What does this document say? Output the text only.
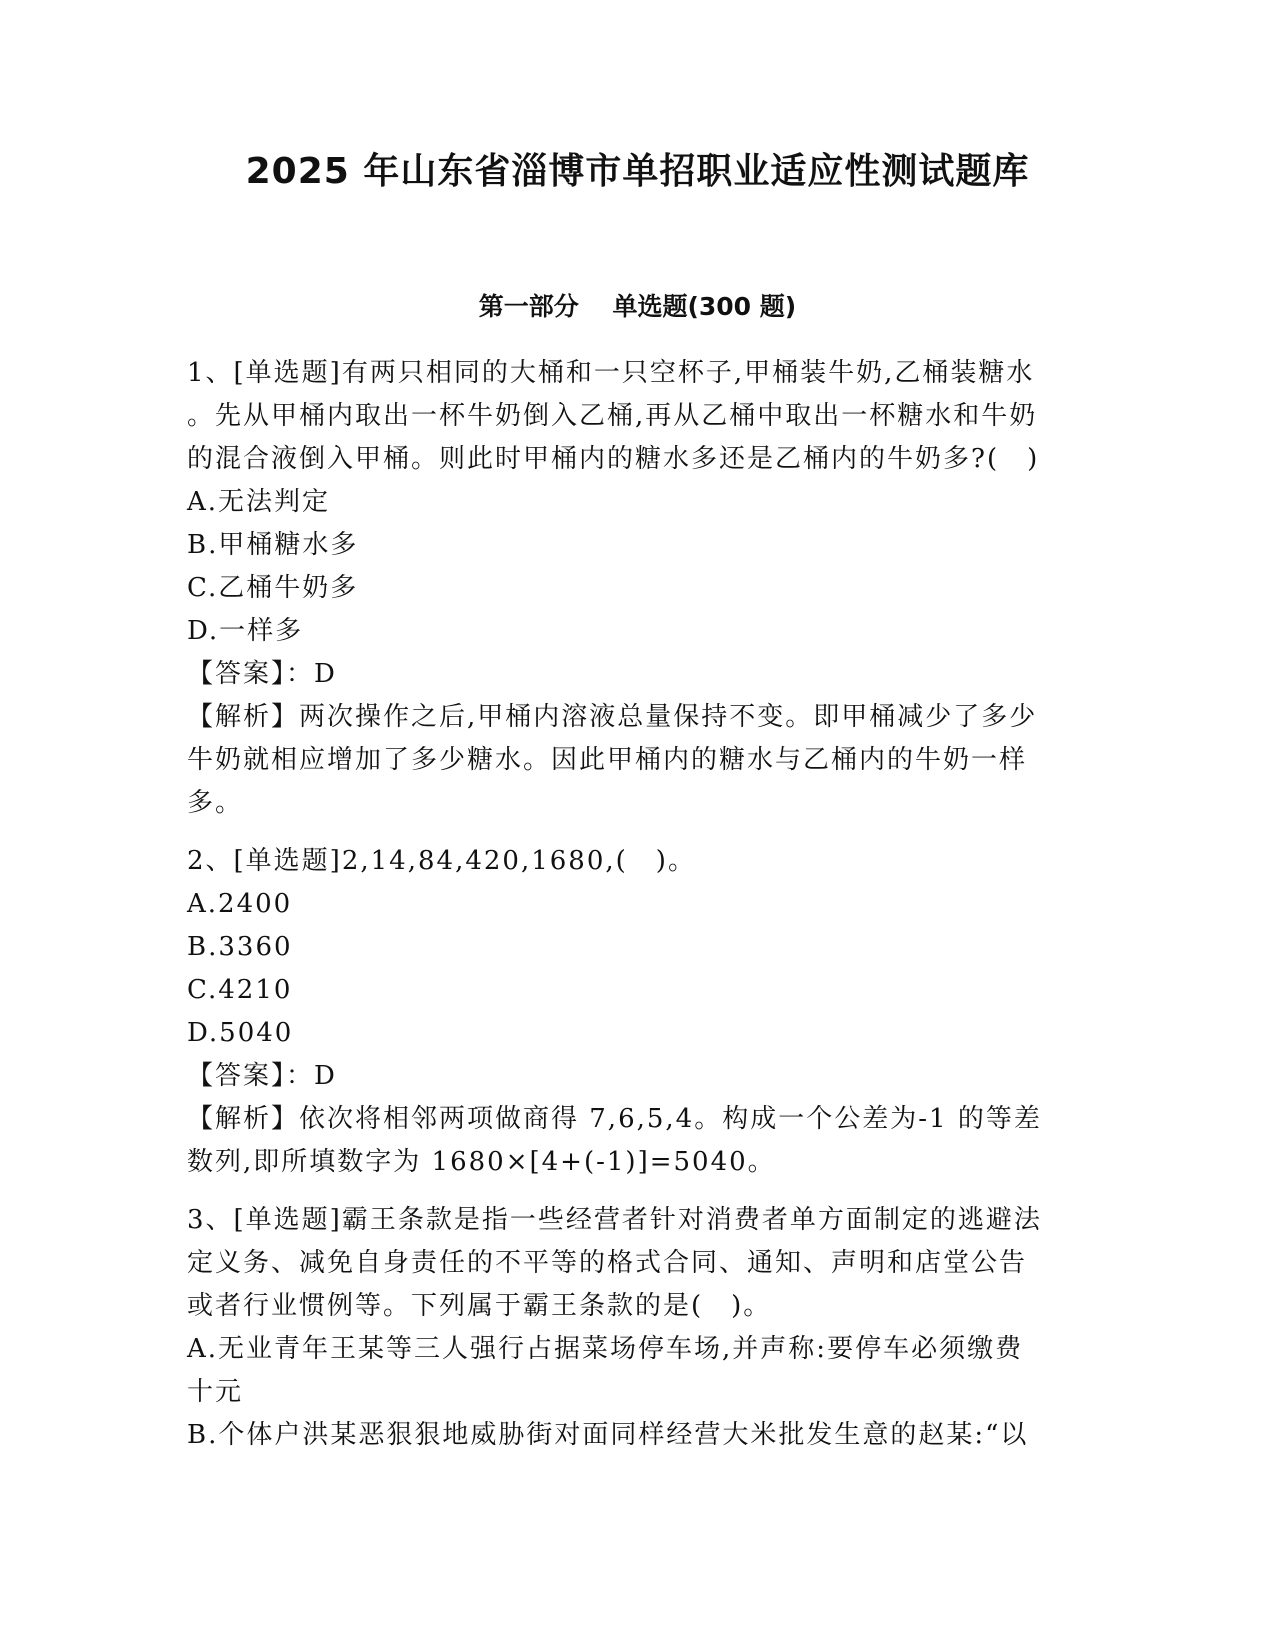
2025 年山东省淄博市单招职业适应性测试题库
第一部分　 单选题(300 题)
1、[单选题]有两只相同的大桶和一只空杯子,甲桶装牛奶,乙桶装糖水
。先从甲桶内取出一杯牛奶倒入乙桶,再从乙桶中取出一杯糖水和牛奶
的混合液倒入甲桶。则此时甲桶内的糖水多还是乙桶内的牛奶多?(　)
A.无法判定
B.甲桶糖水多
C.乙桶牛奶多
D.一样多
【答案】：D
【解析】两次操作之后,甲桶内溶液总量保持不变。即甲桶减少了多少
牛奶就相应增加了多少糖水。因此甲桶内的糖水与乙桶内的牛奶一样
多。
2、[单选题]2,14,84,420,1680,(　)。
A.2400
B.3360
C.4210
D.5040
【答案】：D
【解析】依次将相邻两项做商得 7,6,5,4。构成一个公差为-1 的等差
数列,即所填数字为 1680×[4+(-1)]=5040。
3、[单选题]霸王条款是指一些经营者针对消费者单方面制定的逃避法
定义务、减免自身责任的不平等的格式合同、通知、声明和店堂公告
或者行业惯例等。下列属于霸王条款的是(　)。
A.无业青年王某等三人强行占据菜场停车场,并声称:要停车必须缴费
十元
B.个体户洪某恶狠狠地威胁街对面同样经营大米批发生意的赵某:“以
